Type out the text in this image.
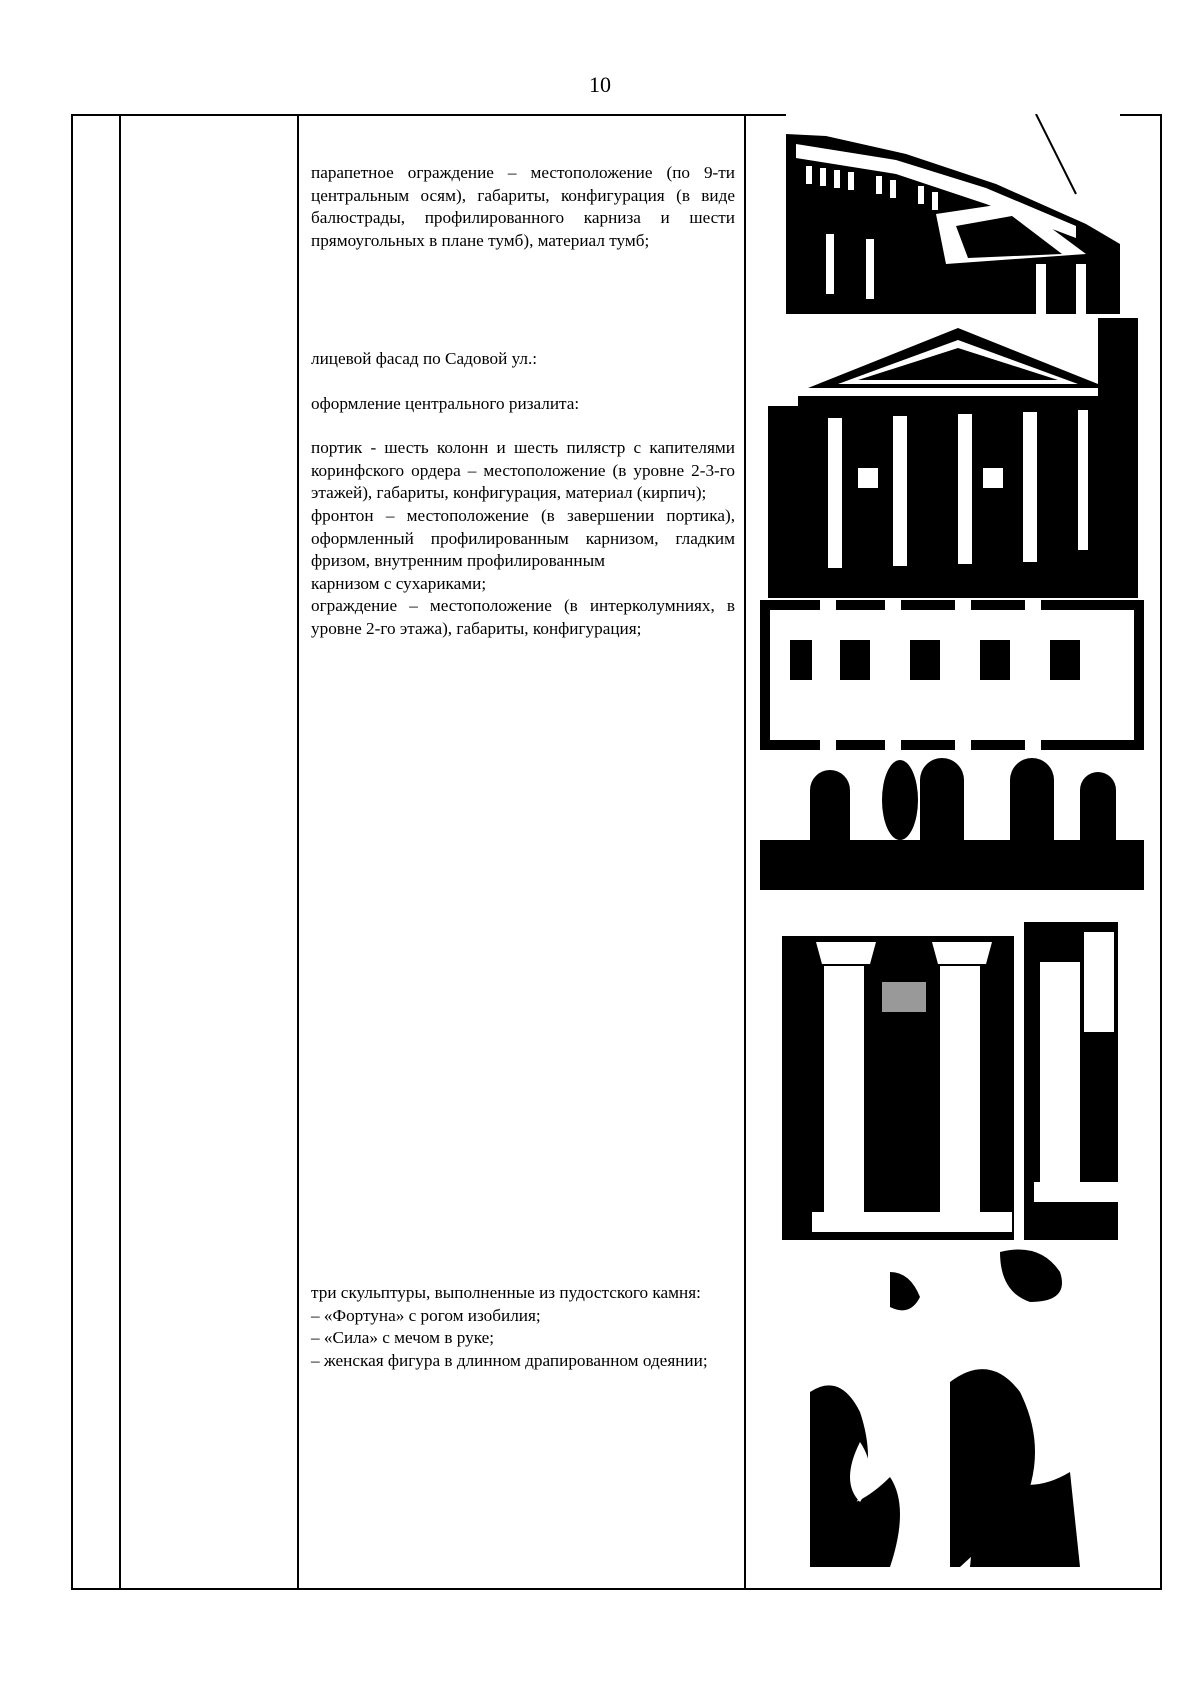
10

парапетное ограждение – местоположение (по 9-ти центральным осям), габариты, конфигурация (в виде балюстрады, профилированного карниза и шести прямоугольных в плане тумб), материал тумб;

лицевой фасад по Садовой ул.:

оформление центрального ризалита:

портик - шесть колонн и шесть пилястр с капителями коринфского ордера – местоположение (в уровне 2-3-го этажей), габариты, конфигурация, материал (кирпич);

фронтон – местоположение (в завершении портика), оформленный профилированным карнизом, гладким фризом, внутренним профилированным

карнизом с сухариками;

ограждение – местоположение (в интерколумниях, в уровне 2-го этажа), габариты, конфигурация;

три скульптуры, выполненные из пудостского камня:

– «Фортуна» с рогом изобилия;

– «Сила» с мечом в руке;

– женская фигура в длинном драпированном одеянии;
